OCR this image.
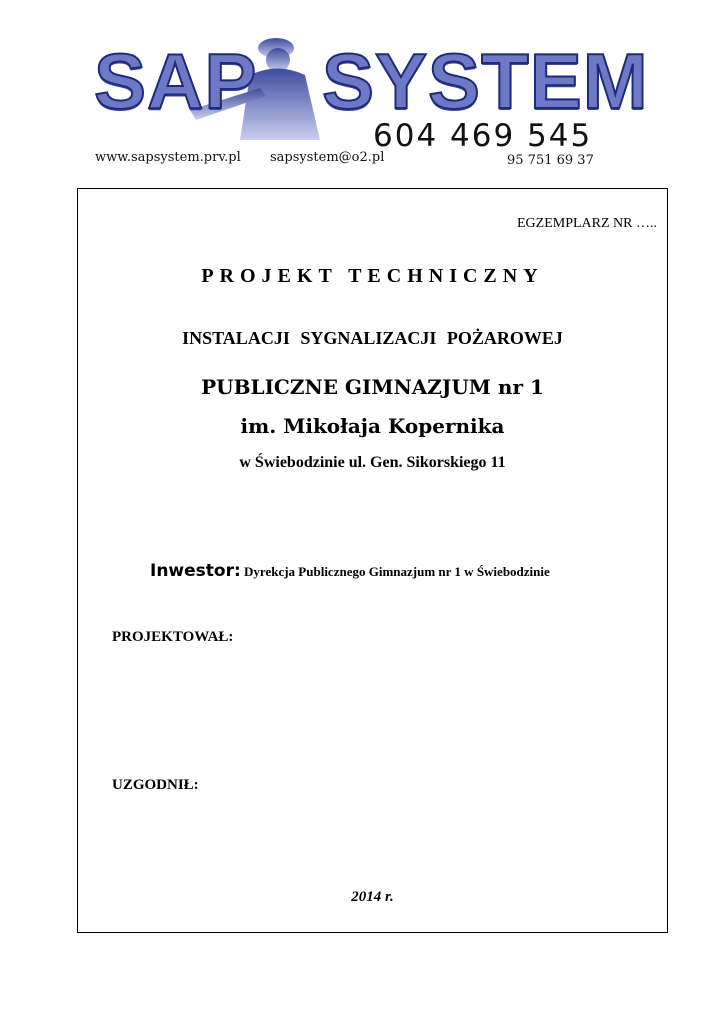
SAP SYSTEM
604 469 545
www.sapsystem.prv.pl sapsystem@o2.pl	95 751 69 37
EGZEMPLARZ NR …..
PROJEKT TECHNICZNY
INSTALACJI SYGNALIZACJI POŻAROWEJ
PUBLICZNE GIMNAZJUM nr 1
im. Mikołaja Kopernika
w Świebodzinie ul. Gen. Sikorskiego 11
Inwestor: Dyrekcja Publicznego Gimnazjum nr 1 w Świebodzinie
PROJEKTOWAŁ:
UZGODNIŁ:
2014 r.
